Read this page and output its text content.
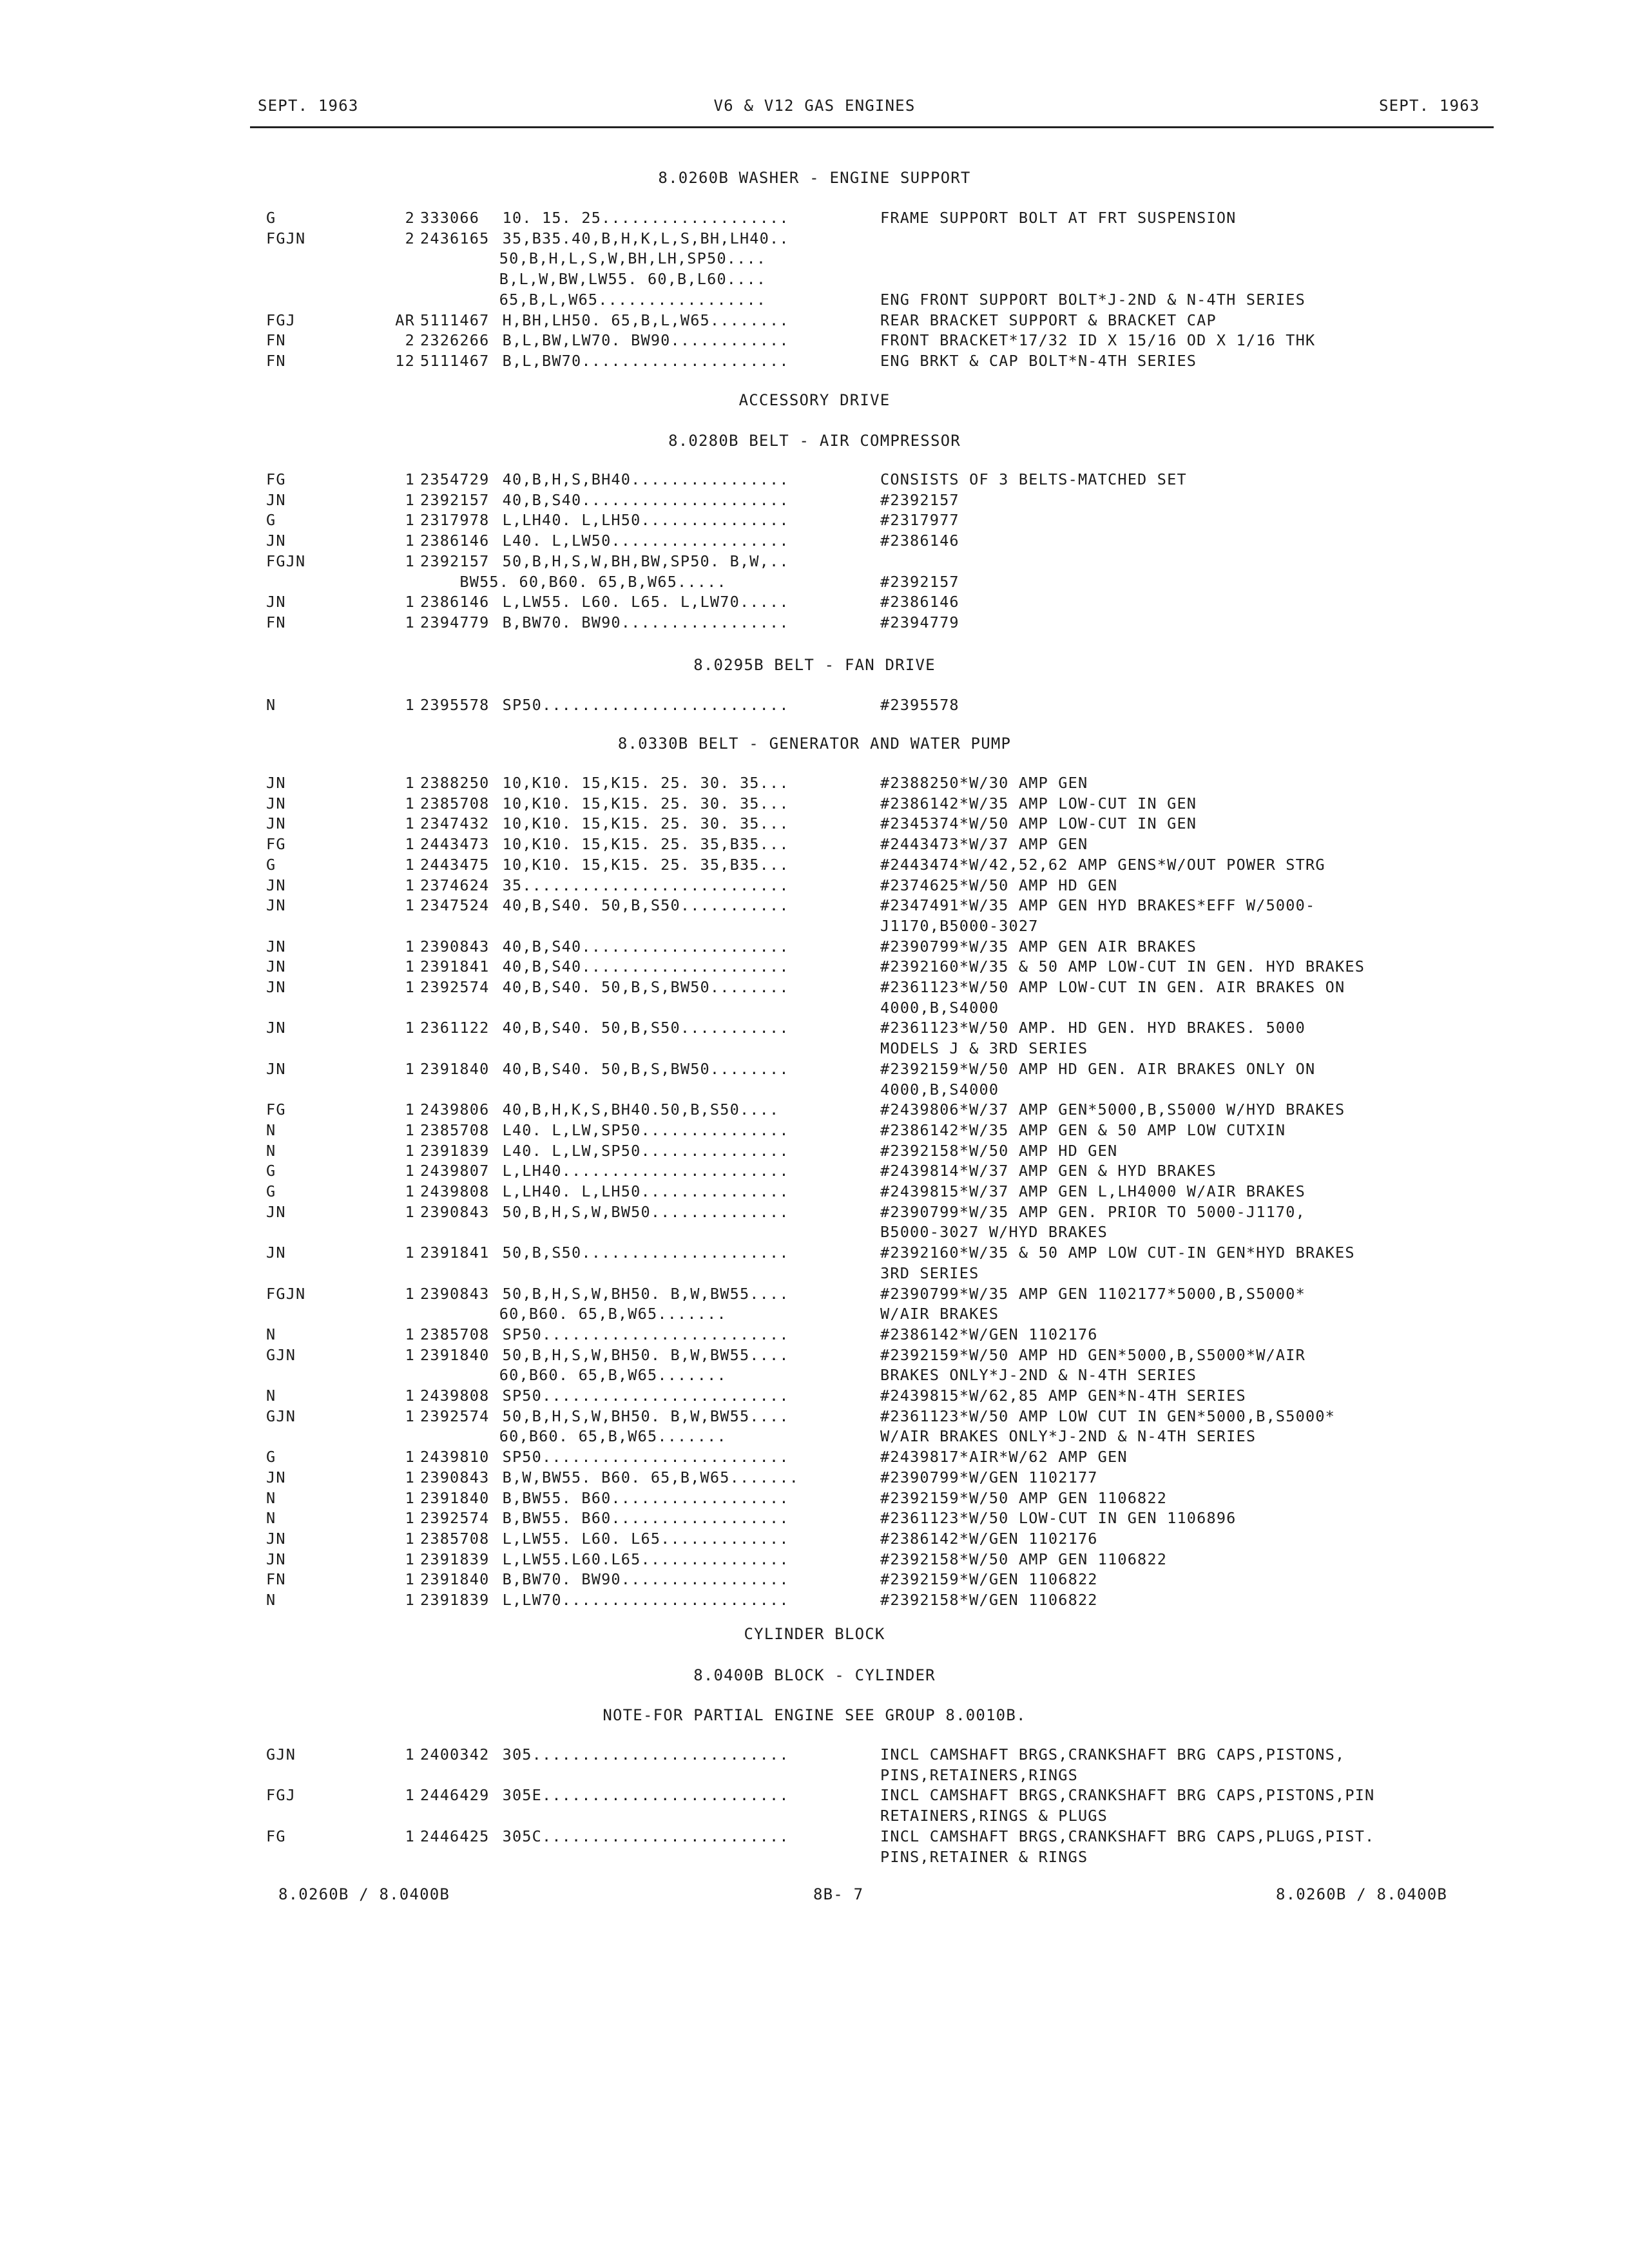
SEPT. 1963	V6 & V12 GAS ENGINES	SEPT. 1963
8.0260B WASHER - ENGINE SUPPORT
G	2 333066 10. 15. 25...................	FRAME SUPPORT BOLT AT FRT SUSPENSION
FGJN	2 2436165 35,B35.40,B,H,K,L,S,BH,LH40..
50,B,H,L,S,W,BH,LH,SP50....
B,L,W,BW,LW55. 60,B,L60....
65,B,L,W65.................	ENG FRONT SUPPORT BOLT*J-2ND & N-4TH SERIES
FGJ	AR 5111467 H,BH,LH50. 65,B,L,W65........	REAR BRACKET SUPPORT & BRACKET CAP
FN	2 2326266 B,L,BW,LW70. BW90............	FRONT BRACKET*17/32 ID X 15/16 OD X 1/16 THK
FN	12 5111467 B,L,BW70.....................	ENG BRKT & CAP BOLT*N-4TH SERIES
ACCESSORY DRIVE
8.0280B BELT - AIR COMPRESSOR
FG	1 2354729 40,B,H,S,BH40................	CONSISTS OF 3 BELTS-MATCHED SET
JN	1 2392157 40,B,S40.....................	#2392157
G	1 2317978 L,LH40. L,LH50...............	#2317977
JN	1 2386146 L40. L,LW50..................	#2386146
FGJN	1 2392157 50,B,H,S,W,BH,BW,SP50. B,W,..
BW55. 60,B60. 65,B,W65.....	#2392157
JN	1 2386146 L,LW55. L60. L65. L,LW70.....	#2386146
FN	1 2394779 B,BW70. BW90.................	#2394779
8.0295B BELT - FAN DRIVE
N	1 2395578 SP50.........................	#2395578
8.0330B BELT - GENERATOR AND WATER PUMP
JN	1 2388250 10,K10. 15,K15. 25. 30. 35...	#2388250*W/30 AMP GEN
JN	1 2385708 10,K10. 15,K15. 25. 30. 35...	#2386142*W/35 AMP LOW-CUT IN GEN
JN	1 2347432 10,K10. 15,K15. 25. 30. 35...	#2345374*W/50 AMP LOW-CUT IN GEN
FG	1 2443473 10,K10. 15,K15. 25. 35,B35...	#2443473*W/37 AMP GEN
G	1 2443475 10,K10. 15,K15. 25. 35,B35...	#2443474*W/42,52,62 AMP GENS*W/OUT POWER STRG
JN	1 2374624 35...........................	#2374625*W/50 AMP HD GEN
JN	1 2347524 40,B,S40. 50,B,S50...........	#2347491*W/35 AMP GEN HYD BRAKES*EFF W/5000-
J1170,B5000-3027
JN	1 2390843 40,B,S40.....................	#2390799*W/35 AMP GEN AIR BRAKES
JN	1 2391841 40,B,S40.....................	#2392160*W/35 & 50 AMP LOW-CUT IN GEN. HYD BRAKES
JN	1 2392574 40,B,S40. 50,B,S,BW50........	#2361123*W/50 AMP LOW-CUT IN GEN. AIR BRAKES ON
4000,B,S4000
JN	1 2361122 40,B,S40. 50,B,S50...........	#2361123*W/50 AMP. HD GEN. HYD BRAKES. 5000
MODELS J & 3RD SERIES
JN	1 2391840 40,B,S40. 50,B,S,BW50........	#2392159*W/50 AMP HD GEN. AIR BRAKES ONLY ON
4000,B,S4000
FG	1 2439806 40,B,H,K,S,BH40.50,B,S50....	#2439806*W/37 AMP GEN*5000,B,S5000 W/HYD BRAKES
N	1 2385708 L40. L,LW,SP50...............	#2386142*W/35 AMP GEN & 50 AMP LOW CUTXIN
N	1 2391839 L40. L,LW,SP50...............	#2392158*W/50 AMP HD GEN
G	1 2439807 L,LH40.......................	#2439814*W/37 AMP GEN & HYD BRAKES
G	1 2439808 L,LH40. L,LH50...............	#2439815*W/37 AMP GEN L,LH4000 W/AIR BRAKES
JN	1 2390843 50,B,H,S,W,BW50..............	#2390799*W/35 AMP GEN. PRIOR TO 5000-J1170,
B5000-3027 W/HYD BRAKES
JN	1 2391841 50,B,S50.....................	#2392160*W/35 & 50 AMP LOW CUT-IN GEN*HYD BRAKES
3RD SERIES
FGJN	1 2390843 50,B,H,S,W,BH50. B,W,BW55....	#2390799*W/35 AMP GEN 1102177*5000,B,S5000*
60,B60. 65,B,W65.......	W/AIR BRAKES
N	1 2385708 SP50.........................	#2386142*W/GEN 1102176
GJN	1 2391840 50,B,H,S,W,BH50. B,W,BW55....	#2392159*W/50 AMP HD GEN*5000,B,S5000*W/AIR
60,B60. 65,B,W65.......	BRAKES ONLY*J-2ND & N-4TH SERIES
N	1 2439808 SP50.........................	#2439815*W/62,85 AMP GEN*N-4TH SERIES
GJN	1 2392574 50,B,H,S,W,BH50. B,W,BW55....	#2361123*W/50 AMP LOW CUT IN GEN*5000,B,S5000*
60,B60. 65,B,W65.......	W/AIR BRAKES ONLY*J-2ND & N-4TH SERIES
G	1 2439810 SP50.........................	#2439817*AIR*W/62 AMP GEN
JN	1 2390843 B,W,BW55. B60. 65,B,W65.......	#2390799*W/GEN 1102177
N	1 2391840 B,BW55. B60..................	#2392159*W/50 AMP GEN 1106822
N	1 2392574 B,BW55. B60..................	#2361123*W/50 LOW-CUT IN GEN 1106896
JN	1 2385708 L,LW55. L60. L65.............	#2386142*W/GEN 1102176
JN	1 2391839 L,LW55.L60.L65...............	#2392158*W/50 AMP GEN 1106822
FN	1 2391840 B,BW70. BW90.................	#2392159*W/GEN 1106822
N	1 2391839 L,LW70.......................	#2392158*W/GEN 1106822
CYLINDER BLOCK
8.0400B BLOCK - CYLINDER
NOTE-FOR PARTIAL ENGINE SEE GROUP 8.0010B.
GJN	1 2400342 305..........................	INCL CAMSHAFT BRGS,CRANKSHAFT BRG CAPS,PISTONS,
PINS,RETAINERS,RINGS
FGJ	1 2446429 305E.........................	INCL CAMSHAFT BRGS,CRANKSHAFT BRG CAPS,PISTONS,PIN
RETAINERS,RINGS & PLUGS
FG	1 2446425 305C.........................	INCL CAMSHAFT BRGS,CRANKSHAFT BRG CAPS,PLUGS,PIST.
PINS,RETAINER & RINGS
8.0260B / 8.0400B	8B- 7	8.0260B / 8.0400B
